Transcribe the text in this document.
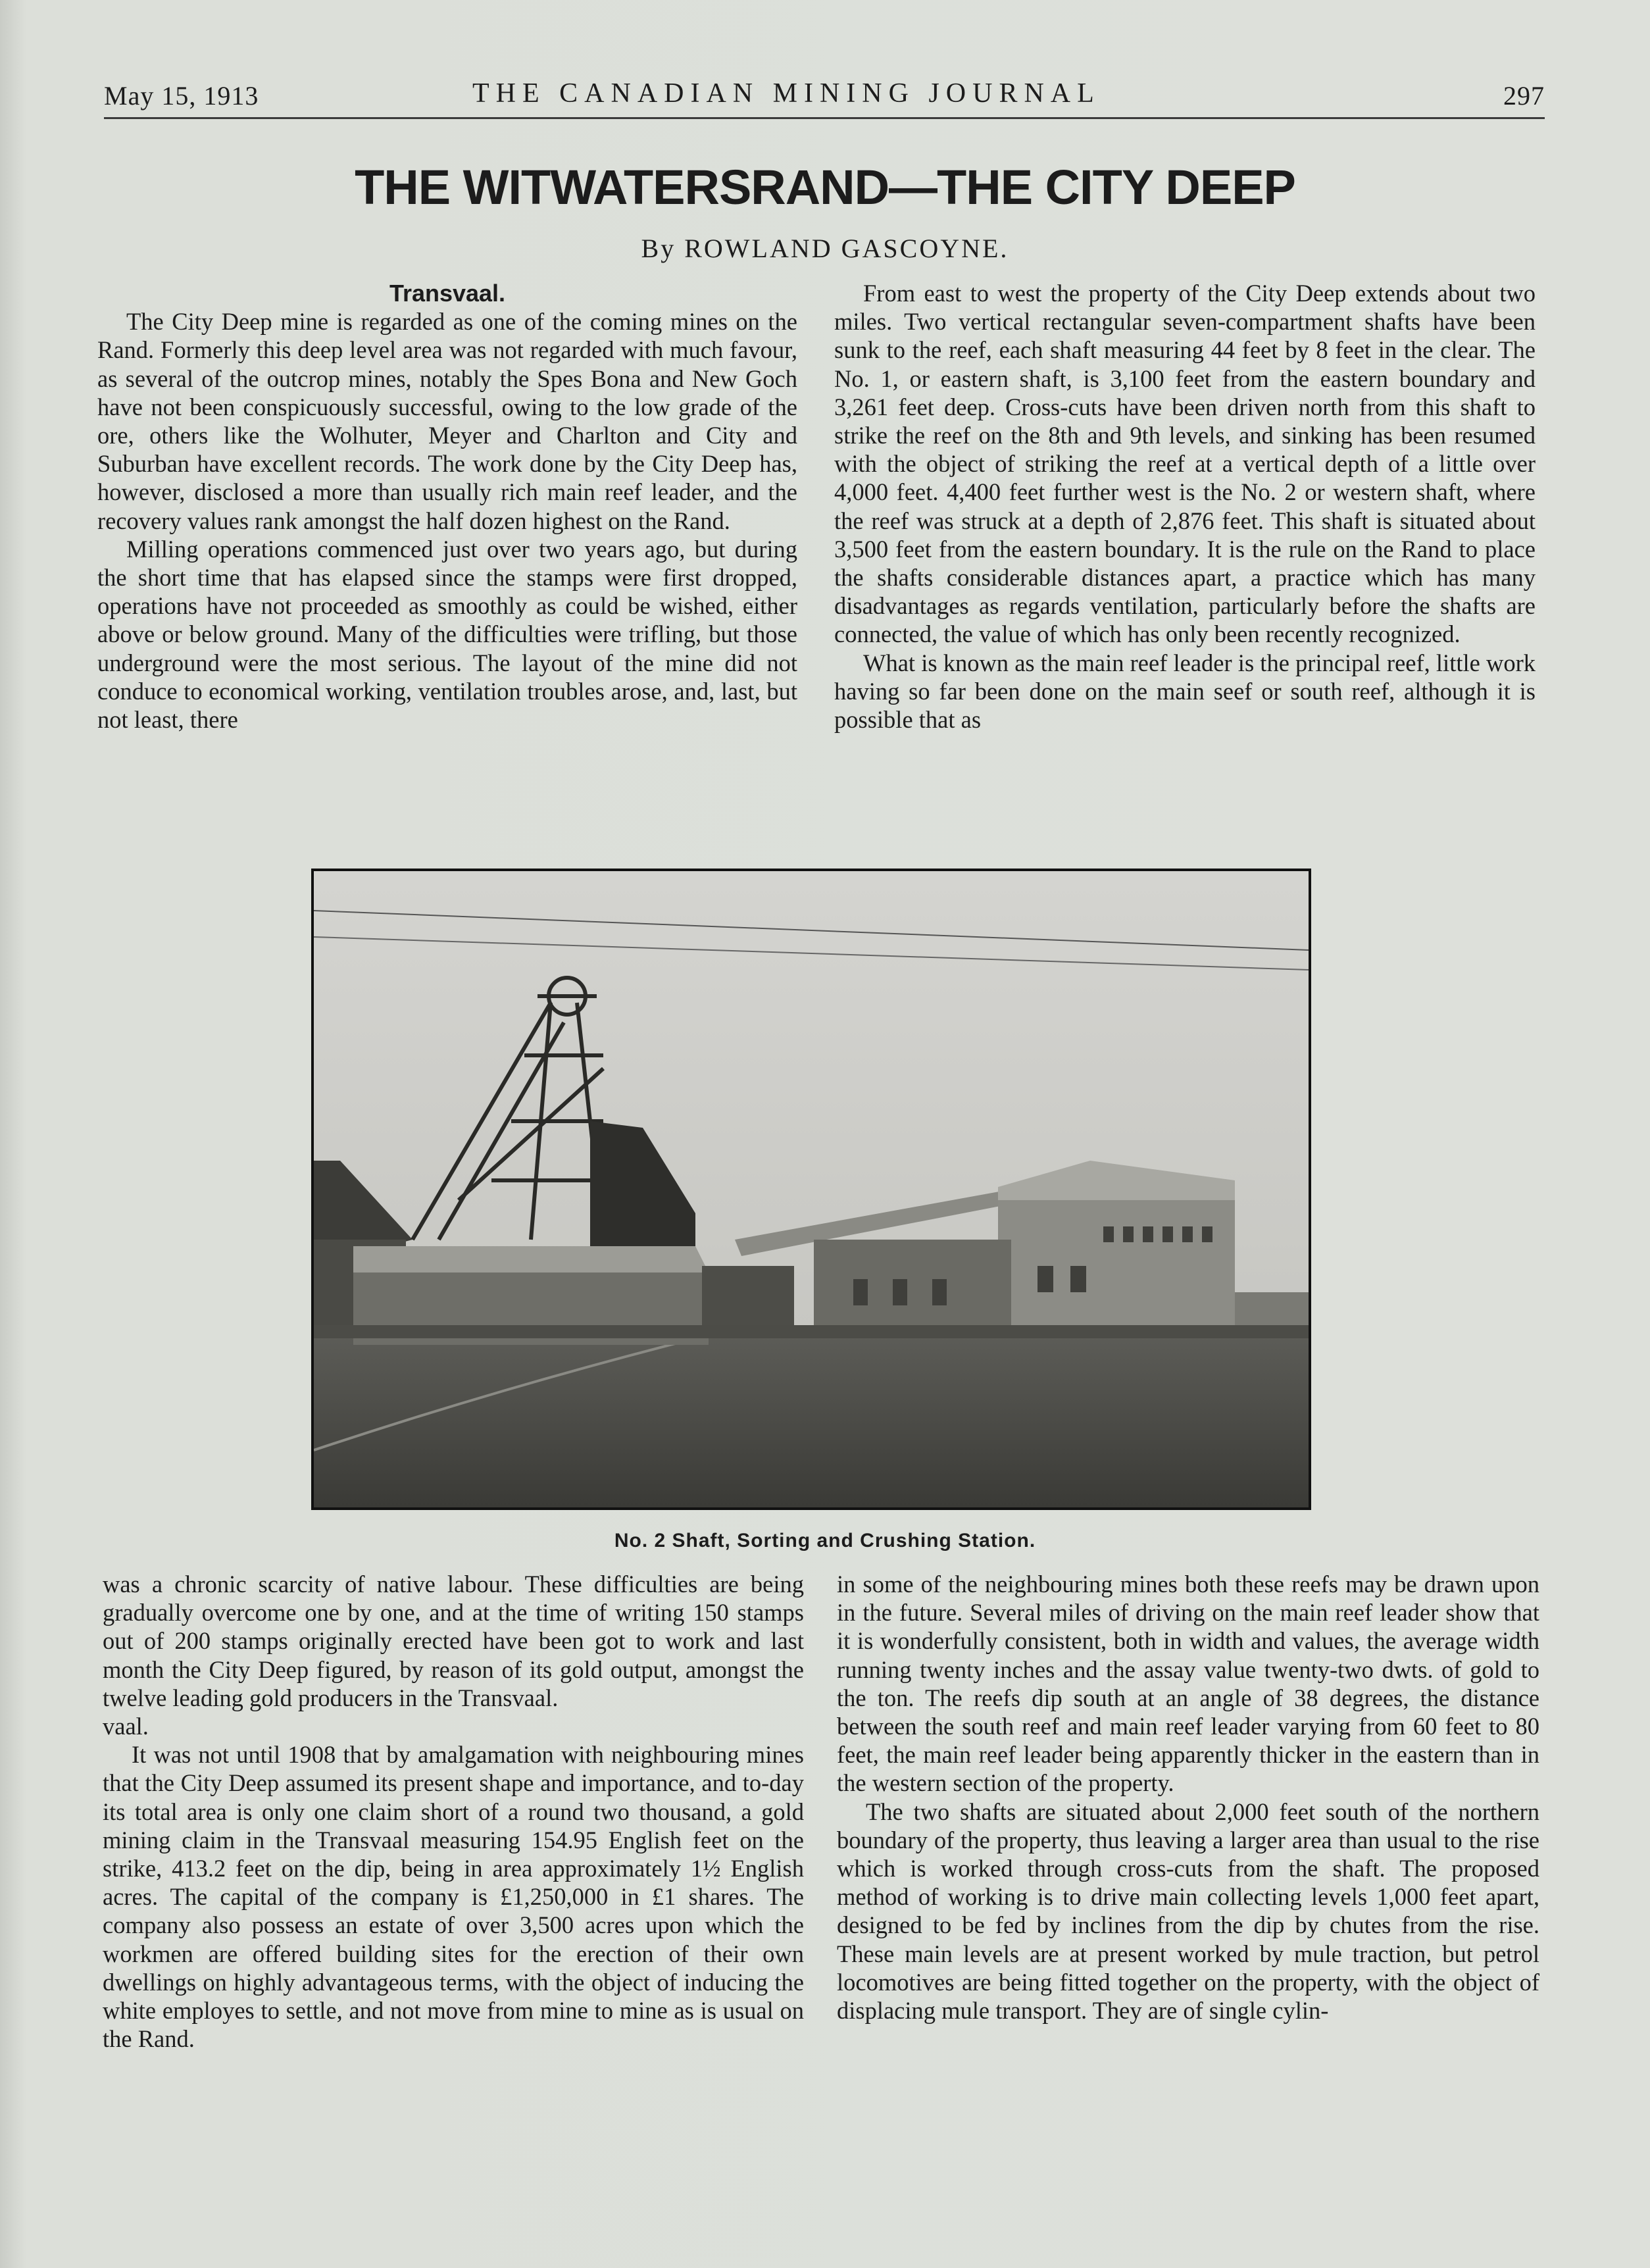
May 15, 1913	THE CANADIAN MINING JOURNAL	297
THE WITWATERSRAND—THE CITY DEEP
By ROWLAND GASCOYNE.

Transvaal.

The City Deep mine is regarded as one of the coming mines on the Rand. Formerly this deep level area was not regarded with much favour, as several of the outcrop mines, notably the Spes Bona and New Goch have not been conspicuously successful, owing to the low grade of the ore, others like the Wolhuter, Meyer and Charlton and City and Suburban have excellent records. The work done by the City Deep has, however, disclosed a more than usually rich main reef leader, and the recovery values rank amongst the half dozen highest on the Rand.

Milling operations commenced just over two years ago, but during the short time that has elapsed since the stamps were first dropped, operations have not proceeded as smoothly as could be wished, either above or below ground. Many of the difficulties were trifling, but those underground were the most serious. The layout of the mine did not conduce to economical working, ventilation troubles arose, and, last, but not least, there

From east to west the property of the City Deep extends about two miles. Two vertical rectangular seven-compartment shafts have been sunk to the reef, each shaft measuring 44 feet by 8 feet in the clear. The No. 1, or eastern shaft, is 3,100 feet from the eastern boundary and 3,261 feet deep. Cross-cuts have been driven north from this shaft to strike the reef on the 8th and 9th levels, and sinking has been resumed with the object of striking the reef at a vertical depth of a little over 4,000 feet. 4,400 feet further west is the No. 2 or western shaft, where the reef was struck at a depth of 2,876 feet. This shaft is situated about 3,500 feet from the eastern boundary. It is the rule on the Rand to place the shafts considerable distances apart, a practice which has many disadvantages as regards ventilation, particularly before the shafts are connected, the value of which has only been recently recognized.

What is known as the main reef leader is the principal reef, little work having so far been done on the main seef or south reef, although it is possible that as

No. 2 Shaft, Sorting and Crushing Station.

was a chronic scarcity of native labour. These difficulties are being gradually overcome one by one, and at the time of writing 150 stamps out of 200 stamps originally erected have been got to work and last month the City Deep figured, by reason of its gold output, amongst the twelve leading gold producers in the Transvaal.

vaal.

It was not until 1908 that by amalgamation with neighbouring mines that the City Deep assumed its present shape and importance, and to-day its total area is only one claim short of a round two thousand, a gold mining claim in the Transvaal measuring 154.95 English feet on the strike, 413.2 feet on the dip, being in area approximately 1½ English acres. The capital of the company is £1,250,000 in £1 shares. The company also possess an estate of over 3,500 acres upon which the workmen are offered building sites for the erection of their own dwellings on highly advantageous terms, with the object of inducing the white employes to settle, and not move from mine to mine as is usual on the Rand.

in some of the neighbouring mines both these reefs may be drawn upon in the future. Several miles of driving on the main reef leader show that it is wonderfully consistent, both in width and values, the average width running twenty inches and the assay value twenty-two dwts. of gold to the ton. The reefs dip south at an angle of 38 degrees, the distance between the south reef and main reef leader varying from 60 feet to 80 feet, the main reef leader being apparently thicker in the eastern than in the western section of the property.

The two shafts are situated about 2,000 feet south of the northern boundary of the property, thus leaving a larger area than usual to the rise which is worked through cross-cuts from the shaft. The proposed method of working is to drive main collecting levels 1,000 feet apart, designed to be fed by inclines from the dip by chutes from the rise. These main levels are at present worked by mule traction, but petrol locomotives are being fitted together on the property, with the object of displacing mule transport. They are of single cylin-
